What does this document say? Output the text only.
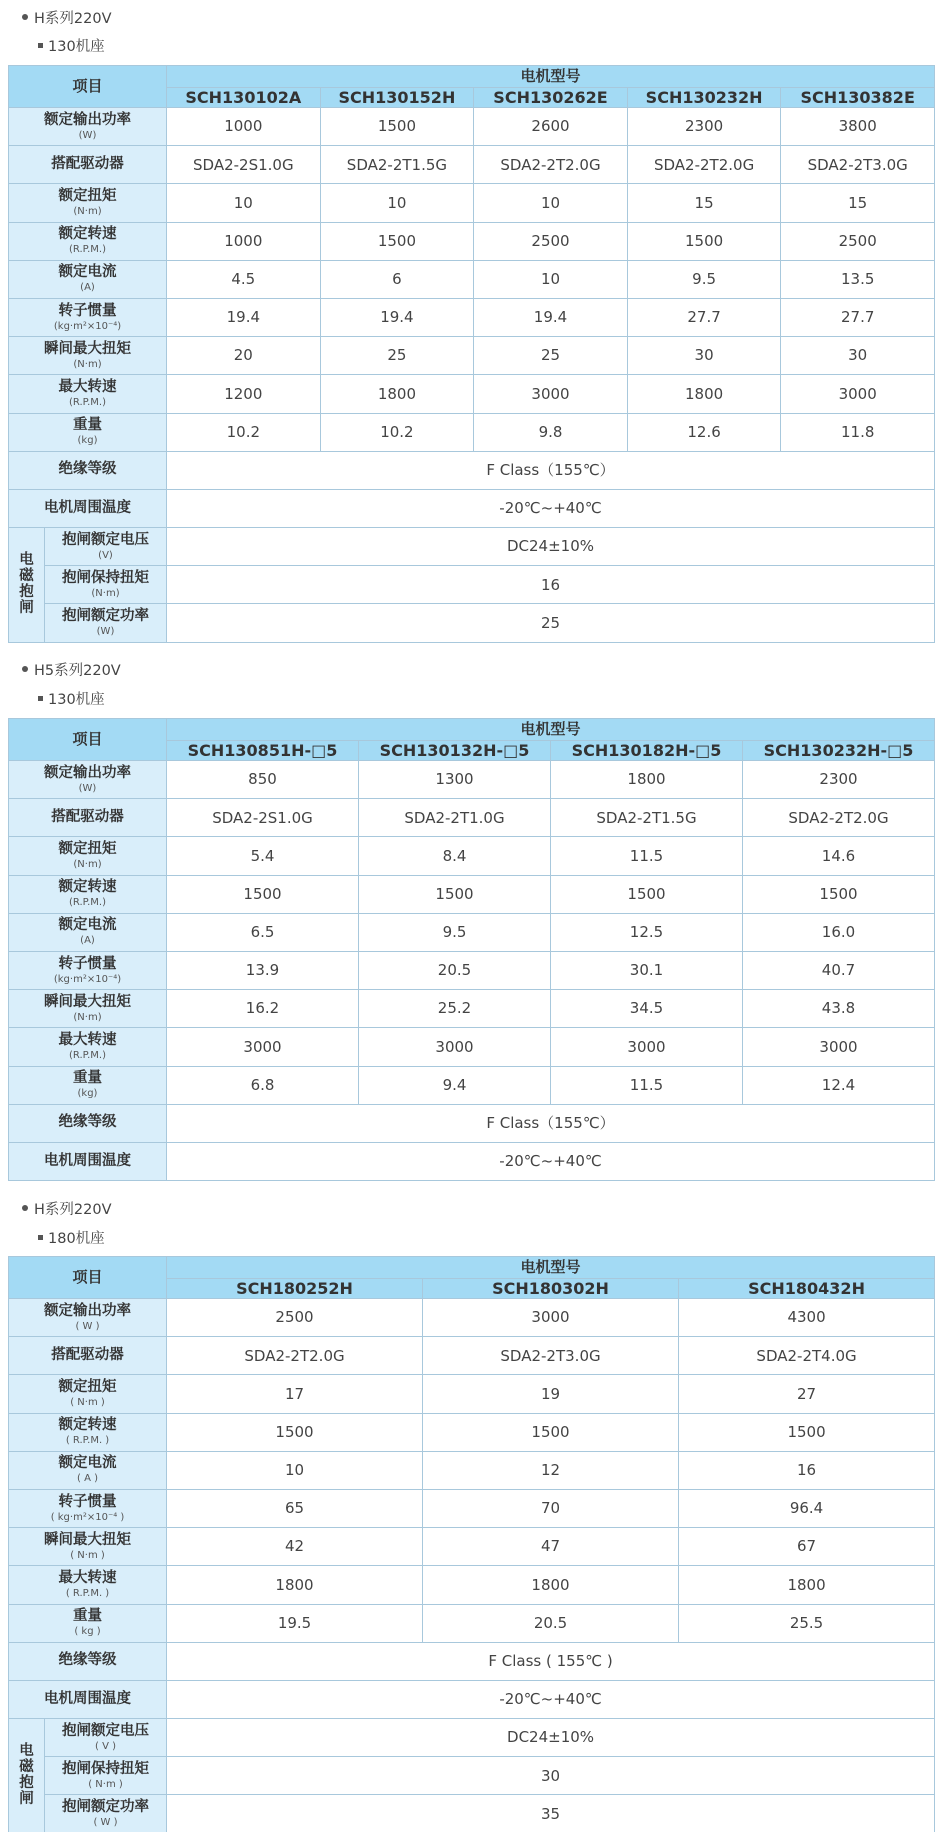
H系列220V
130机座
项目		电机型号				
		SCH130102A	SCH130152H	SCH130262E	SCH130232H	SCH130382E

额定输出功率
(W)		1000	1500	2600	2300	3800

搭配驱动器		SDA2-2S1.0G	SDA2-2T1.5G	SDA2-2T2.0G	SDA2-2T2.0G	SDA2-2T3.0G

额定扭矩
(N·m)		10	10	10	15	15

额定转速
(R.P.M.)		1000	1500	2500	1500	2500

额定电流
(A)		4.5	6	10	9.5	13.5

转子惯量
(kg·m²×10⁻⁴)		19.4	19.4	19.4	27.7	27.7

瞬间最大扭矩
(N·m)		20	25	25	30	30

最大转速
(R.P.M.)		1200	1800	3000	1800	3000

重量
(kg)		10.2	10.2	9.8	12.6	11.8

绝缘等级		F Class（155℃）				

电机周围温度		-20℃~+40℃				

电
磁
抱
闸	抱闸额定电压
(V)	DC24±10%				

	抱闸保持扭矩
(N·m)	16				

	抱闸额定功率
(W)	25				
H5系列220V
130机座
项目	电机型号			
	SCH130851H-□5	SCH130132H-□5	SCH130182H-□5	SCH130232H-□5

额定输出功率
(W)	850	1300	1800	2300

搭配驱动器	SDA2-2S1.0G	SDA2-2T1.0G	SDA2-2T1.5G	SDA2-2T2.0G

额定扭矩
(N·m)	5.4	8.4	11.5	14.6

额定转速
(R.P.M.)	1500	1500	1500	1500

额定电流
(A)	6.5	9.5	12.5	16.0

转子惯量
(kg·m²×10⁻⁴)	13.9	20.5	30.1	40.7

瞬间最大扭矩
(N·m)	16.2	25.2	34.5	43.8

最大转速
(R.P.M.)	3000	3000	3000	3000

重量
(kg)	6.8	9.4	11.5	12.4

绝缘等级	F Class（155℃）			

电机周围温度	-20℃~+40℃			
H系列220V
180机座
项目		电机型号		
		SCH180252H	SCH180302H	SCH180432H

额定输出功率
( W )		2500	3000	4300

搭配驱动器		SDA2-2T2.0G	SDA2-2T3.0G	SDA2-2T4.0G

额定扭矩
( N·m )		17	19	27

额定转速
( R.P.M. )		1500	1500	1500

额定电流
( A )		10	12	16

转子惯量
( kg·m²×10⁻⁴ )		65	70	96.4

瞬间最大扭矩
( N·m )		42	47	67

最大转速
( R.P.M. )		1800	1800	1800

重量
( kg )		19.5	20.5	25.5

绝缘等级		F Class ( 155℃ )		

电机周围温度		-20℃~+40℃		

电
磁
抱
闸	抱闸额定电压
( V )	DC24±10%		

	抱闸保持扭矩
( N·m )	30		

	抱闸额定功率
( W )	35		
